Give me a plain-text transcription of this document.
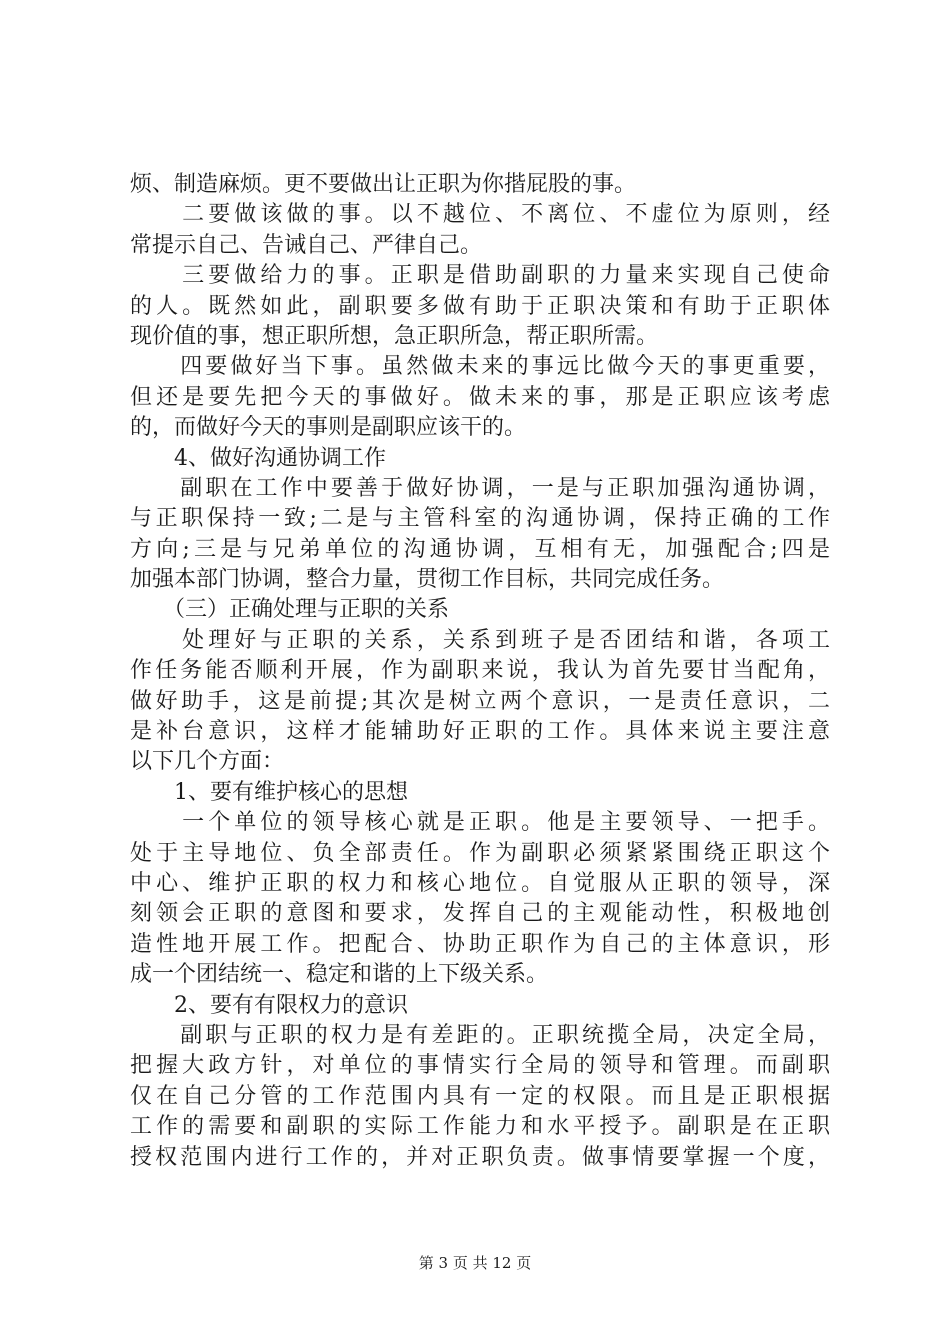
烦、制造麻烦。更不要做出让正职为你揩屁股的事。
　　二要做该做的事。以不越位、不离位、不虚位为原则，经
常提示自己、告诫自己、严律自己。
　　三要做给力的事。正职是借助副职的力量来实现自己使命
的人。既然如此，副职要多做有助于正职决策和有助于正职体
现价值的事，想正职所想，急正职所急，帮正职所需。
　　四要做好当下事。虽然做未来的事远比做今天的事更重要，
但还是要先把今天的事做好。做未来的事，那是正职应该考虑
的，而做好今天的事则是副职应该干的。
　　4、做好沟通协调工作
　　副职在工作中要善于做好协调，一是与正职加强沟通协调，
与正职保持一致;二是与主管科室的沟通协调，保持正确的工作
方向;三是与兄弟单位的沟通协调，互相有无，加强配合;四是
加强本部门协调，整合力量，贯彻工作目标，共同完成任务。
　　（三）正确处理与正职的关系
　　处理好与正职的关系，关系到班子是否团结和谐，各项工
作任务能否顺利开展，作为副职来说，我认为首先要甘当配角，
做好助手，这是前提;其次是树立两个意识，一是责任意识，二
是补台意识，这样才能辅助好正职的工作。具体来说主要注意
以下几个方面：
　　1、要有维护核心的思想
　　一个单位的领导核心就是正职。他是主要领导、一把手。
处于主导地位、负全部责任。作为副职必须紧紧围绕正职这个
中心、维护正职的权力和核心地位。自觉服从正职的领导，深
刻领会正职的意图和要求，发挥自己的主观能动性，积极地创
造性地开展工作。把配合、协助正职作为自己的主体意识，形
成一个团结统一、稳定和谐的上下级关系。
　　2、要有有限权力的意识
　　副职与正职的权力是有差距的。正职统揽全局，决定全局，
把握大政方针，对单位的事情实行全局的领导和管理。而副职
仅在自己分管的工作范围内具有一定的权限。而且是正职根据
工作的需要和副职的实际工作能力和水平授予。副职是在正职
授权范围内进行工作的，并对正职负责。做事情要掌握一个度，
第 3 页 共 12 页
